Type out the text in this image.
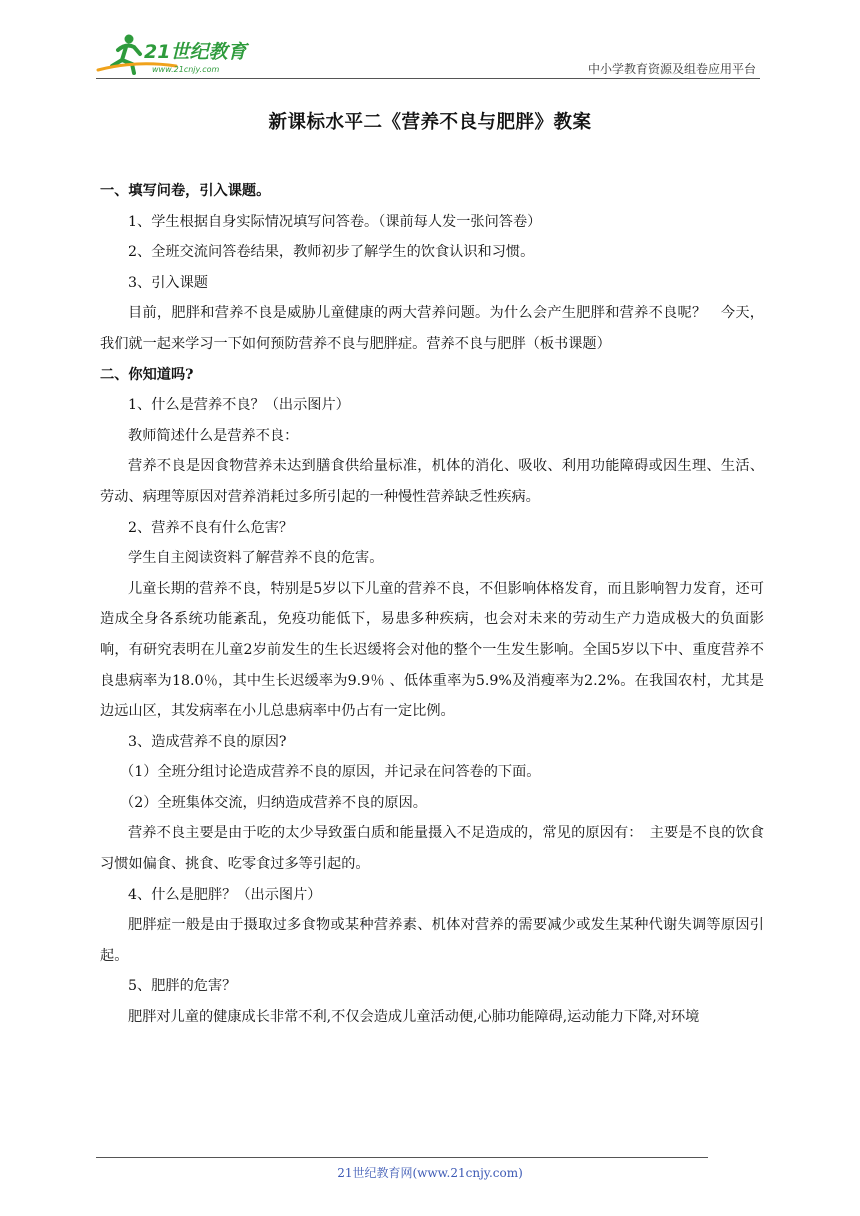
21世纪教育
www.21cnjy.com	中小学教育资源及组卷应用平台
新课标水平二《营养不良与肥胖》教案

一、填写问卷，引入课题。

1、学生根据自身实际情况填写问答卷。（课前每人发一张问答卷）

2、全班交流问答卷结果，教师初步了解学生的饮食认识和习惯。

3、引入课题

目前，肥胖和营养不良是威胁儿童健康的两大营养问题。为什么会产生肥胖和营养不良呢？　今天，我们就一起来学习一下如何预防营养不良与肥胖症。营养不良与肥胖（板书课题）

二、你知道吗?

1、什么是营养不良？（出示图片）

教师简述什么是营养不良：

营养不良是因食物营养未达到膳食供给量标准，机体的消化、吸收、利用功能障碍或因生理、生活、劳动、病理等原因对营养消耗过多所引起的一种慢性营养缺乏性疾病。

2、营养不良有什么危害？

学生自主阅读资料了解营养不良的危害。

儿童长期的营养不良，特别是5岁以下儿童的营养不良，不但影响体格发育，而且影响智力发育，还可造成全身各系统功能紊乱，免疫功能低下，易患多种疾病，也会对未来的劳动生产力造成极大的负面影响，有研究表明在儿童2岁前发生的生长迟缓将会对他的整个一生发生影响。全国5岁以下中、重度营养不良患病率为18.0％，其中生长迟缓率为9.9％ 、低体重率为5.9%及消瘦率为2.2%。在我国农村，尤其是边远山区，其发病率在小儿总患病率中仍占有一定比例。

3、造成营养不良的原因?

（1）全班分组讨论造成营养不良的原因，并记录在问答卷的下面。

（2）全班集体交流，归纳造成营养不良的原因。

营养不良主要是由于吃的太少导致蛋白质和能量摄入不足造成的，常见的原因有：　主要是不良的饮食习惯如偏食、挑食、吃零食过多等引起的。

4、什么是肥胖？（出示图片）

肥胖症一般是由于摄取过多食物或某种营养素、机体对营养的需要减少或发生某种代谢失调等原因引起。

5、肥胖的危害？

肥胖对儿童的健康成长非常不利,不仅会造成儿童活动便,心肺功能障碍,运动能力下降,对环境

21世纪教育网(www.21cnjy.com)
